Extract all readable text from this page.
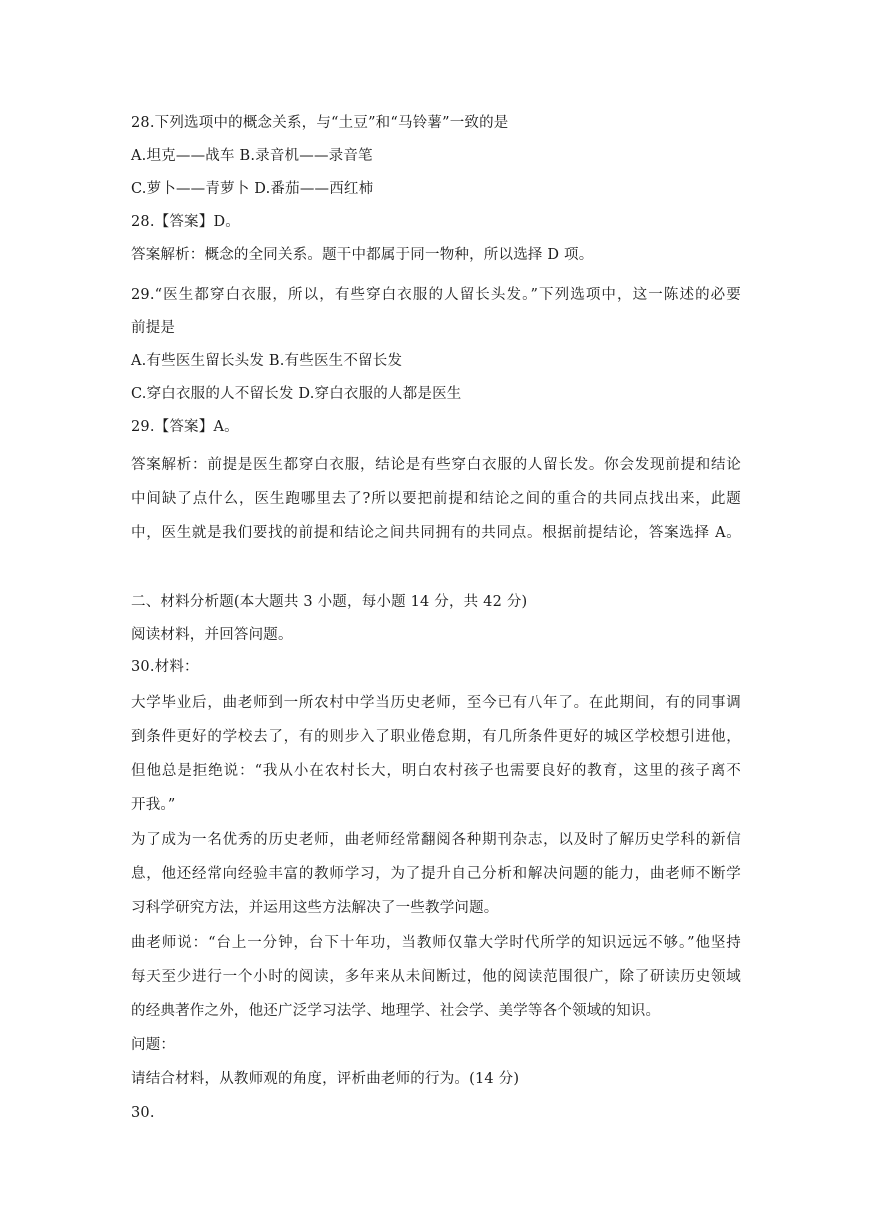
28.下列选项中的概念关系，与“土豆”和“马铃薯”一致的是
A.坦克——战车 B.录音机——录音笔
C.萝卜——青萝卜 D.番茄——西红柿
28.【答案】D。
答案解析：概念的全同关系。题干中都属于同一物种，所以选择 D 项。
29.“医生都穿白衣服，所以，有些穿白衣服的人留长头发。”下列选项中，这一陈述的必要
前提是
A.有些医生留长头发 B.有些医生不留长发
C.穿白衣服的人不留长发 D.穿白衣服的人都是医生
29.【答案】A。
答案解析：前提是医生都穿白衣服，结论是有些穿白衣服的人留长发。你会发现前提和结论
中间缺了点什么，医生跑哪里去了?所以要把前提和结论之间的重合的共同点找出来，此题
中，医生就是我们要找的前提和结论之间共同拥有的共同点。根据前提结论，答案选择 A。
二、材料分析题(本大题共 3 小题，每小题 14 分，共 42 分)
阅读材料，并回答问题。
30.材料：
大学毕业后，曲老师到一所农村中学当历史老师，至今已有八年了。在此期间，有的同事调
到条件更好的学校去了，有的则步入了职业倦怠期，有几所条件更好的城区学校想引进他，
但他总是拒绝说：“我从小在农村长大，明白农村孩子也需要良好的教育，这里的孩子离不
开我。”
为了成为一名优秀的历史老师，曲老师经常翻阅各种期刊杂志，以及时了解历史学科的新信
息，他还经常向经验丰富的教师学习，为了提升自己分析和解决问题的能力，曲老师不断学
习科学研究方法，并运用这些方法解决了一些教学问题。
曲老师说：“台上一分钟，台下十年功，当教师仅靠大学时代所学的知识远远不够。”他坚持
每天至少进行一个小时的阅读，多年来从未间断过，他的阅读范围很广，除了研读历史领域
的经典著作之外，他还广泛学习法学、地理学、社会学、美学等各个领域的知识。
问题：
请结合材料，从教师观的角度，评析曲老师的行为。(14 分)
30.
